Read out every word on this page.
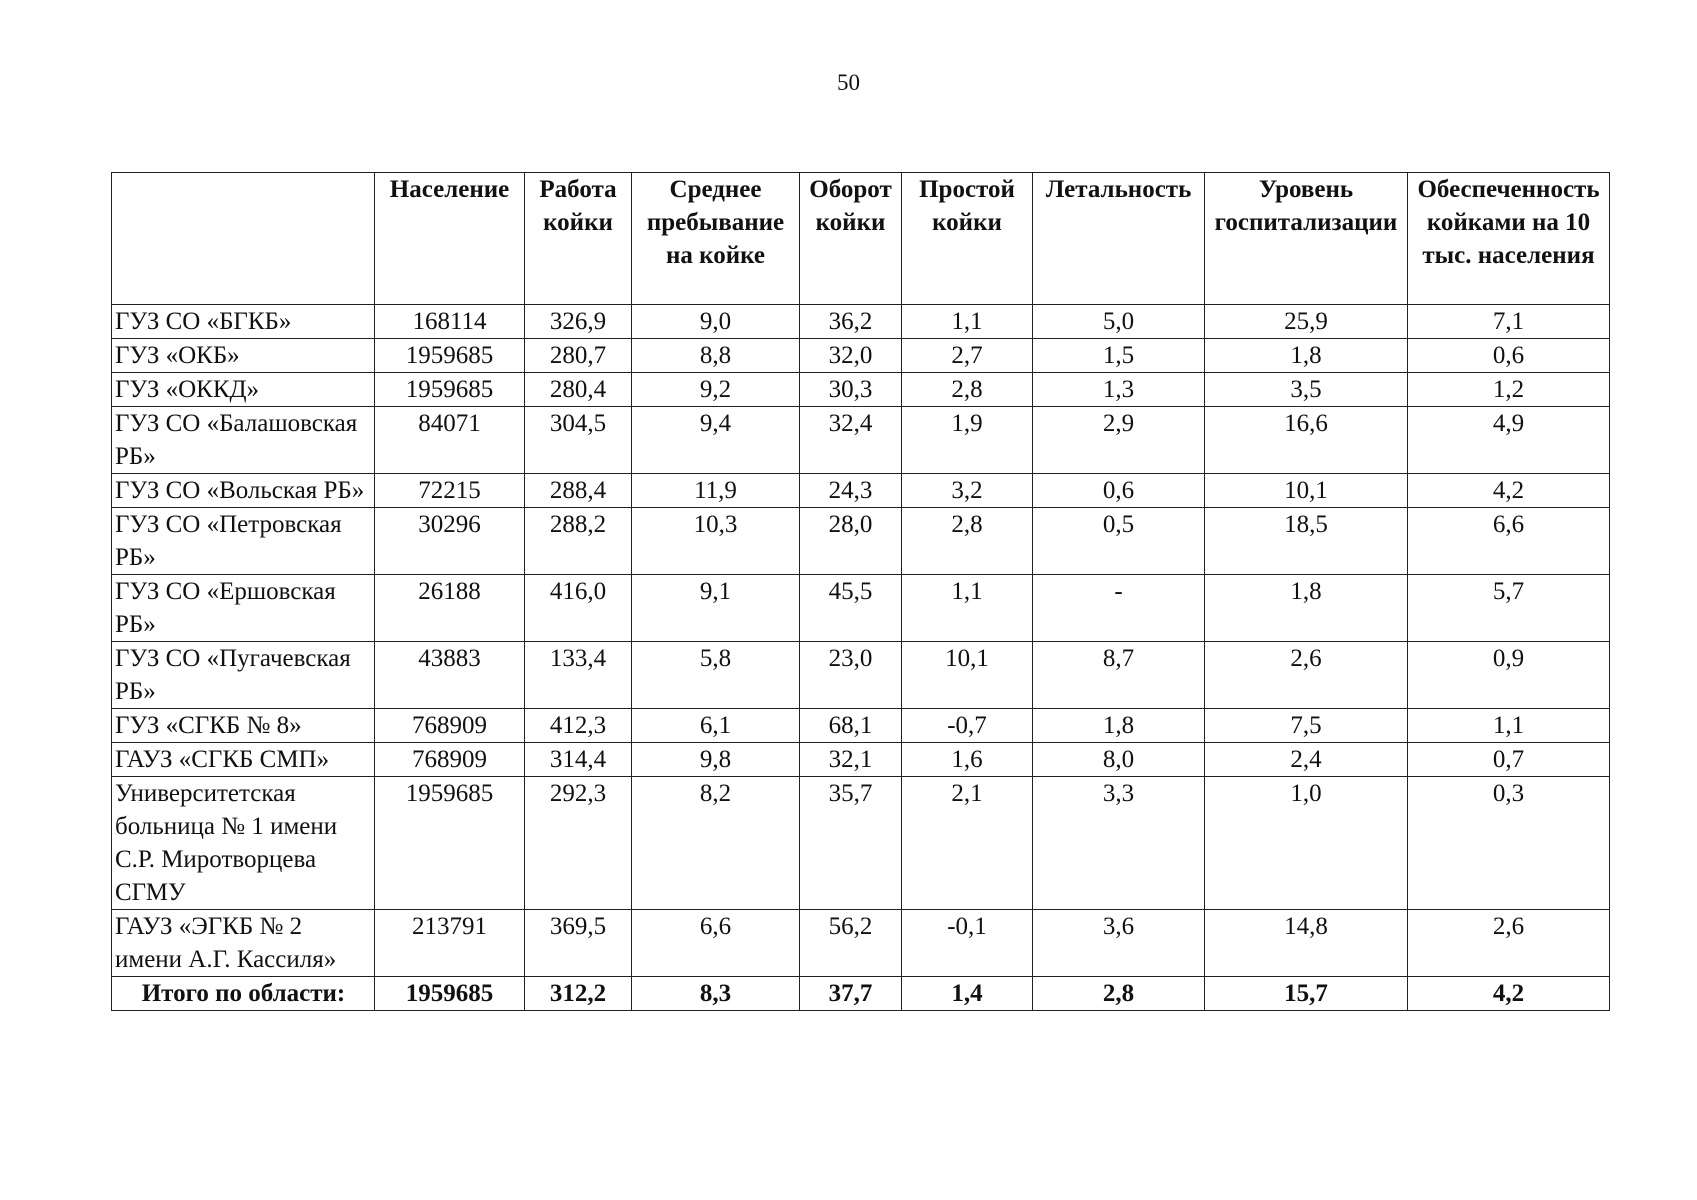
50
	Население	Работа койки	Среднее пребывание на койке	Оборот койки	Простой койки	Летальность	Уровень госпитализации	Обеспеченность койками на 10 тыс. населения
ГУЗ СО «БГКБ»	168114	326,9	9,0	36,2	1,1	5,0	25,9	7,1
ГУЗ «ОКБ»	1959685	280,7	8,8	32,0	2,7	1,5	1,8	0,6
ГУЗ «ОККД»	1959685	280,4	9,2	30,3	2,8	1,3	3,5	1,2
ГУЗ СО «Балашовская РБ»	84071	304,5	9,4	32,4	1,9	2,9	16,6	4,9
ГУЗ СО «Вольская РБ»	72215	288,4	11,9	24,3	3,2	0,6	10,1	4,2
ГУЗ СО «Петровская РБ»	30296	288,2	10,3	28,0	2,8	0,5	18,5	6,6
ГУЗ СО «Ершовская РБ»	26188	416,0	9,1	45,5	1,1	-	1,8	5,7
ГУЗ СО «Пугачевская РБ»	43883	133,4	5,8	23,0	10,1	8,7	2,6	0,9
ГУЗ «СГКБ № 8»	768909	412,3	6,1	68,1	-0,7	1,8	7,5	1,1
ГАУЗ «СГКБ СМП»	768909	314,4	9,8	32,1	1,6	8,0	2,4	0,7
Университетская больница № 1 имени С.Р. Миротворцева СГМУ	1959685	292,3	8,2	35,7	2,1	3,3	1,0	0,3
ГАУЗ «ЭГКБ № 2 имени А.Г. Кассиля»	213791	369,5	6,6	56,2	-0,1	3,6	14,8	2,6
Итого по области:	1959685	312,2	8,3	37,7	1,4	2,8	15,7	4,2
